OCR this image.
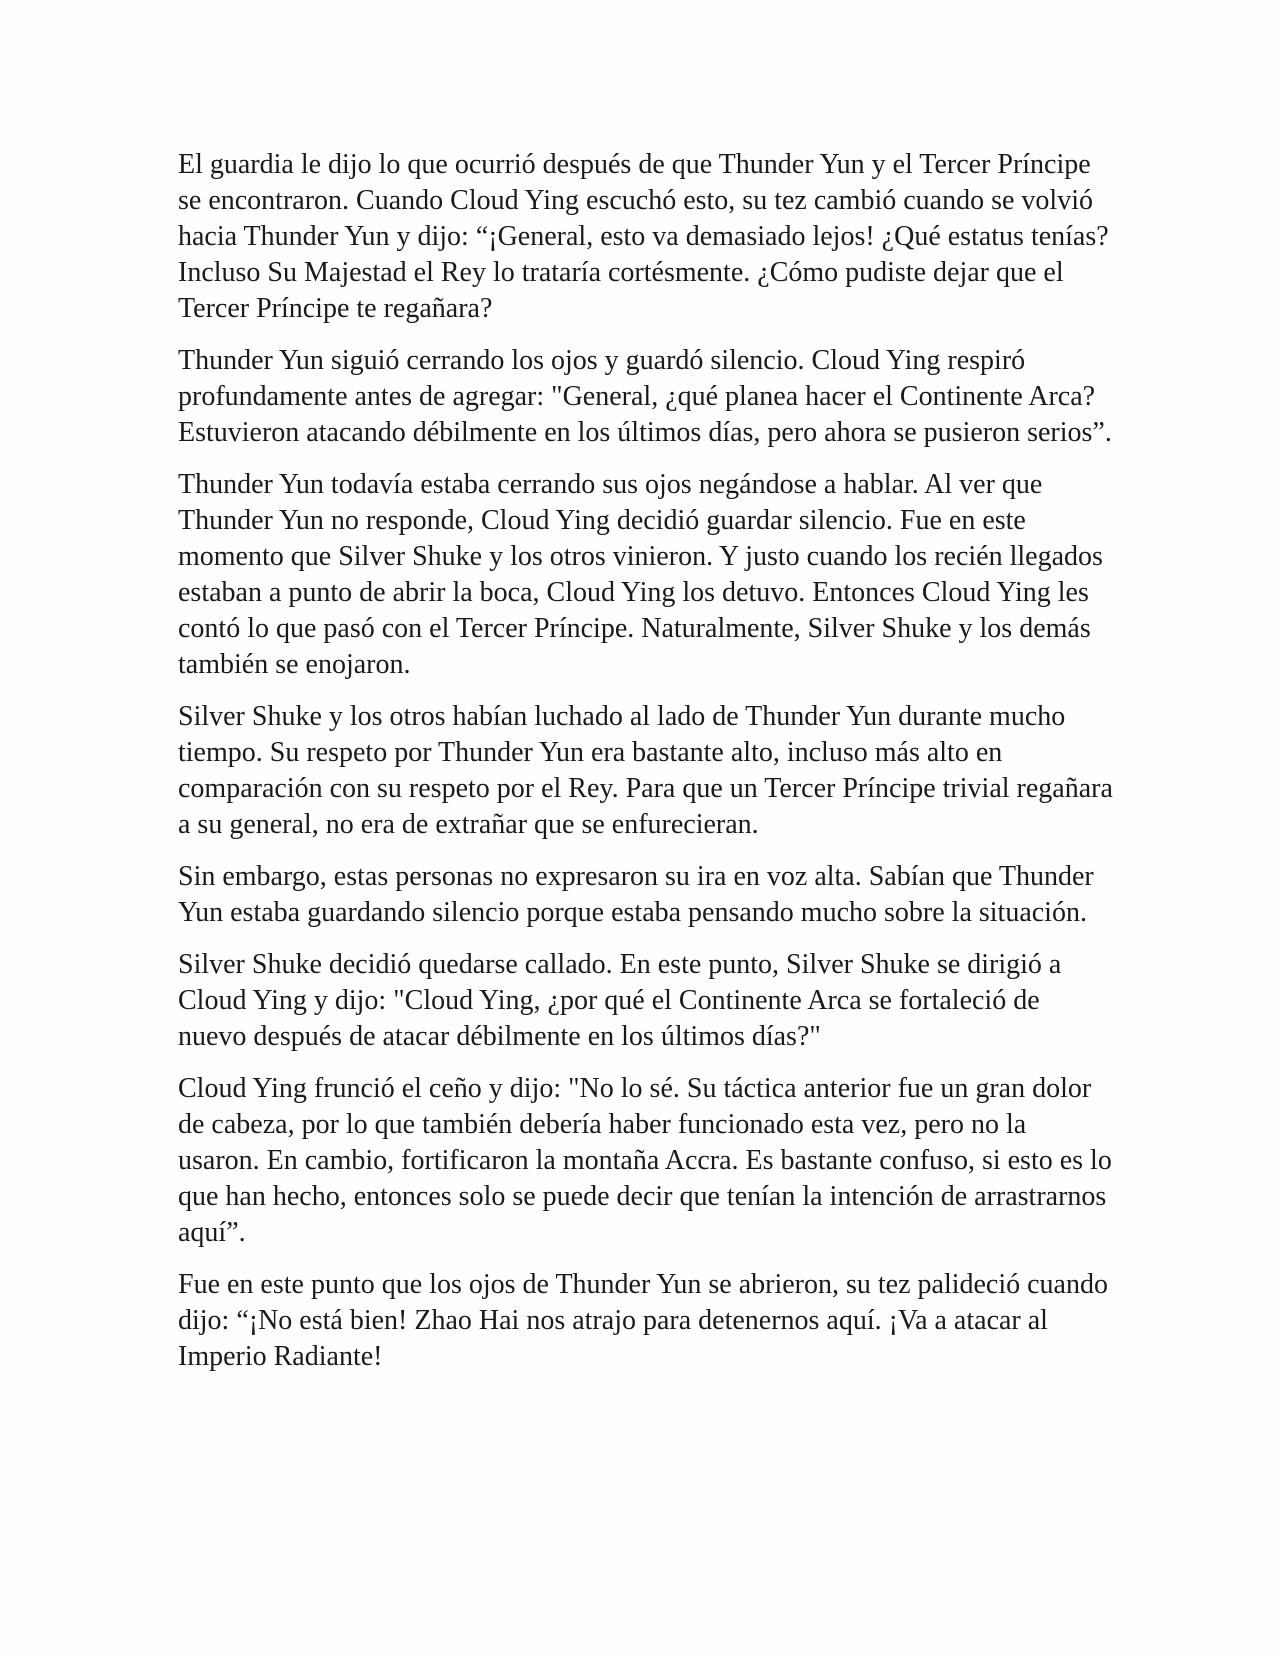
El guardia le dijo lo que ocurrió después de que Thunder Yun y el Tercer Príncipe se encontraron. Cuando Cloud Ying escuchó esto, su tez cambió cuando se volvió hacia Thunder Yun y dijo: “¡General, esto va demasiado lejos! ¿Qué estatus tenías? Incluso Su Majestad el Rey lo trataría cortésmente. ¿Cómo pudiste dejar que el Tercer Príncipe te regañara?

Thunder Yun siguió cerrando los ojos y guardó silencio. Cloud Ying respiró profundamente antes de agregar: "General, ¿qué planea hacer el Continente Arca? Estuvieron atacando débilmente en los últimos días, pero ahora se pusieron serios”.

Thunder Yun todavía estaba cerrando sus ojos negándose a hablar. Al ver que Thunder Yun no responde, Cloud Ying decidió guardar silencio. Fue en este momento que Silver Shuke y los otros vinieron. Y justo cuando los recién llegados estaban a punto de abrir la boca, Cloud Ying los detuvo. Entonces Cloud Ying les contó lo que pasó con el Tercer Príncipe. Naturalmente, Silver Shuke y los demás también se enojaron.

Silver Shuke y los otros habían luchado al lado de Thunder Yun durante mucho tiempo. Su respeto por Thunder Yun era bastante alto, incluso más alto en comparación con su respeto por el Rey. Para que un Tercer Príncipe trivial regañara a su general, no era de extrañar que se enfurecieran.

Sin embargo, estas personas no expresaron su ira en voz alta. Sabían que Thunder Yun estaba guardando silencio porque estaba pensando mucho sobre la situación.

Silver Shuke decidió quedarse callado. En este punto, Silver Shuke se dirigió a Cloud Ying y dijo: "Cloud Ying, ¿por qué el Continente Arca se fortaleció de nuevo después de atacar débilmente en los últimos días?"

Cloud Ying frunció el ceño y dijo: "No lo sé. Su táctica anterior fue un gran dolor de cabeza, por lo que también debería haber funcionado esta vez, pero no la usaron. En cambio, fortificaron la montaña Accra. Es bastante confuso, si esto es lo que han hecho, entonces solo se puede decir que tenían la intención de arrastrarnos aquí”.

Fue en este punto que los ojos de Thunder Yun se abrieron, su tez palideció cuando dijo: “¡No está bien! Zhao Hai nos atrajo para detenernos aquí. ¡Va a atacar al Imperio Radiante!
